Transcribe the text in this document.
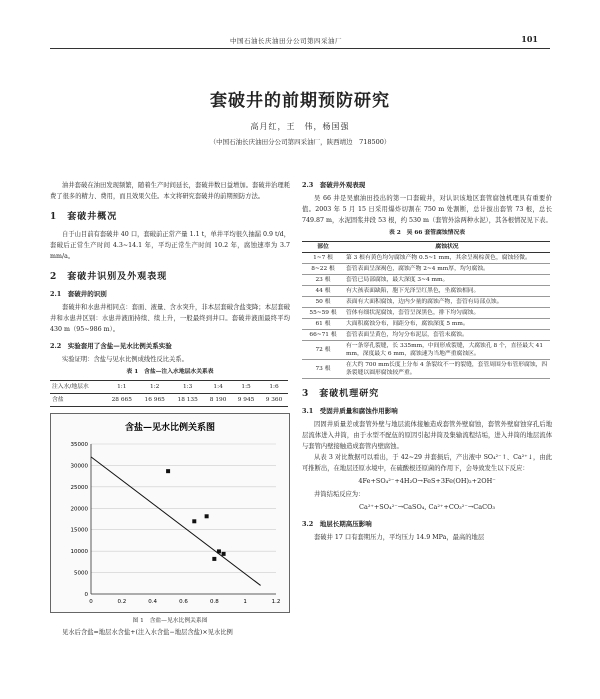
中国石油长庆油田分公司第四采油厂	101
套破井的前期预防研究
高月红，王　伟，杨国强
（中国石油长庆油田分公司第四采油厂，陕西靖边　718500）

油井套破在油田发现频繁，随着生产时间延长，套破井数日益增加。套破井治理耗费了很多的精力、费用，而且效果欠佳。本文将研究套破井的前期预防方法。

1　套破井概况

自于山目前有套破井 40 口，套破前正常产量 1.1 t，单井平均很久抽漏 0.9 t/d，套破后正常生产时间 4.3~14.1 年，平均正常生产时间 10.2 年，腐蚀速率为 3.7 mm/a。

2　套破井识别及外观表现
2.1　套破井的识别

套破井和水患井相同点：套面、液量、含水突升，非本层套破含盐变降；本层套破井和水患井区别：水患井液面持续、续上升，一般最终到井口。套破井液面最终平均 430 m（95~986 m）。

2.2　实验套用了含盐—见水比例关系实验

实验证明：含盐与见水比例成线性反比关系。

表 1　含盐—注入水地层水关系表
注入水/地层水	1:1	1:2	1:3	1:4	1:5	1:6
含盐	28 665	16 965	18 135	8 190	9 945	9 360
含盐—见水比例关系图
35000
30000
25000
20000
15000
10000
5000
0
0	0.2	0.4	0.6	0.8	1	1.2
图 1　含盐—见水比例关系图

见水后含盐=地层水含盐+(注入水含盐−地层含盐)×见水比例

2.3　套破井外观表现

吴 66 井是吴旗油田投出的第一口套破井，对认识该地区套管腐蚀机理具有重要价值。2003 年 5 月 15 日采用爆炸切割在 750 m 处割断，总计拔出套管 73 根，总长 749.87 m，水泥固浆井段 53 根，约 530 m（套管外涂两种水泥），其各根情况见下表。

表 2　吴 66 套管腐蚀情况表
部位	腐蚀状况
1~7 根	第 3 根有黄色均匀腐蚀产物 0.5~1 mm，其余呈褐棕黄色，腐蚀轻微。
8~22 根	套管表面呈深褐色，腐蚀产物 2~4 mm厚，均匀腐蚀。
23 根	套管已局部腐蚀，最大深度 3~4 mm。
44 根	有大孩表面缺陷，胞下光泽呈红黑色，坐腐蚀相同。
50 根	表面有大面积腐蚀，边内少量的腐蚀产物，套管有局部点蚀。
55~59 根	管体有细状泥腐蚀，套管呈深黑色，排下均匀腐蚀。
61 根	大面积腐蚀分布，间距分布，腐蚀深度 5 mm。
66~71 根	套管表面呈黄色，均匀分布泥层，套管未腐蚀。
72 根	有一条穿孔裂缝，长 335mm，中间形成裂缝，大腐蚀孔 8 个，直径最大 41 mm，深度最大 6 mm，腐蚀速为当地严重腐蚀区。
73 根	在大约 700 mm长度上分布 4 条裂纹不一的裂缝，套管周围分布管形腐蚀，四条裂缝以圆形腐蚀较严重。
3　套破机理研究
3.1　受固井质量和腐蚀作用影响

因固井质量差或套管外壁与地层流体接触造成套管外壁腐蚀，套管外壁腐蚀穿孔后地层流体进入井筒，由于水型不配伍的原因引起井筒及集输流程结垢，进入井筒的地层流体与套管内壁接触造成套管内壁腐蚀。

从表 3 对比数据可以看出，于 42~29 井套损后，产出液中 SO₄²⁻↑、Ca²⁺↓，由此可推断出，在地层还原水境中，在硫酸根还原菌的作用下，会导致发生以下反应：

4Fe+SO₄²⁻+4H₂O→FeS+3Fe(OH)₂+2OH⁻

井筒结垢反应为：

Ca²⁺+SO₄²⁻→CaSO₄, Ca²⁺+CO₃²⁻→CaCO₃
3.2　地层长期高压影响

套破井 17 口有套期压力，平均压力 14.9 MPa，最高的地层
